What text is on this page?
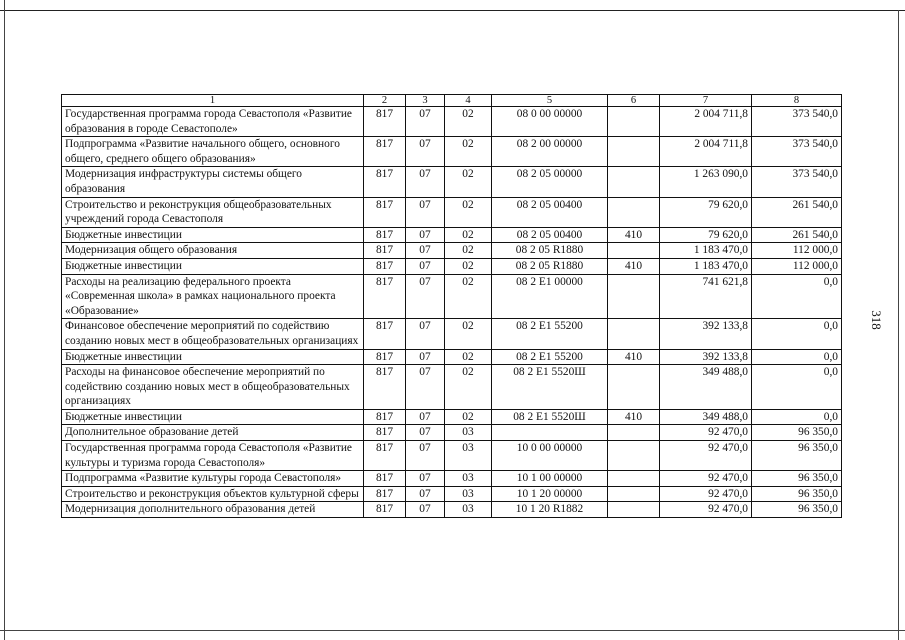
1	2	3	4	5	6	7	8
Государственная программа города Севастополя «Развитие образования в городе Севастополе»	817	07	02	08 0 00 00000		2 004 711,8	373 540,0
Подпрограмма «Развитие начального общего, основного общего, среднего общего образования»	817	07	02	08 2 00 00000		2 004 711,8	373 540,0
Модернизация инфраструктуры системы общего образования	817	07	02	08 2 05 00000		1 263 090,0	373 540,0
Строительство и реконструкция общеобразовательных учреждений города Севастополя	817	07	02	08 2 05 00400		79 620,0	261 540,0
Бюджетные инвестиции	817	07	02	08 2 05 00400	410	79 620,0	261 540,0
Модернизация общего образования	817	07	02	08 2 05 R1880		1 183 470,0	112 000,0
Бюджетные инвестиции	817	07	02	08 2 05 R1880	410	1 183 470,0	112 000,0
Расходы на реализацию федерального проекта «Современная школа» в рамках национального проекта «Образование»	817	07	02	08 2 E1 00000		741 621,8	0,0
Финансовое обеспечение мероприятий по содействию созданию новых мест в общеобразовательных организациях	817	07	02	08 2 E1 55200		392 133,8	0,0
Бюджетные инвестиции	817	07	02	08 2 E1 55200	410	392 133,8	0,0
Расходы на финансовое обеспечение мероприятий по содействию созданию новых мест в общеобразовательных организациях	817	07	02	08 2 E1 5520Ш		349 488,0	0,0
Бюджетные инвестиции	817	07	02	08 2 E1 5520Ш	410	349 488,0	0,0
Дополнительное образование детей	817	07	03			92 470,0	96 350,0
Государственная программа города Севастополя «Развитие культуры и туризма города Севастополя»	817	07	03	10 0 00 00000		92 470,0	96 350,0
Подпрограмма «Развитие культуры города Севастополя»	817	07	03	10 1 00 00000		92 470,0	96 350,0
Строительство и реконструкция объектов культурной сферы	817	07	03	10 1 20 00000		92 470,0	96 350,0
Модернизация дополнительного образования детей	817	07	03	10 1 20 R1882		92 470,0	96 350,0
318
